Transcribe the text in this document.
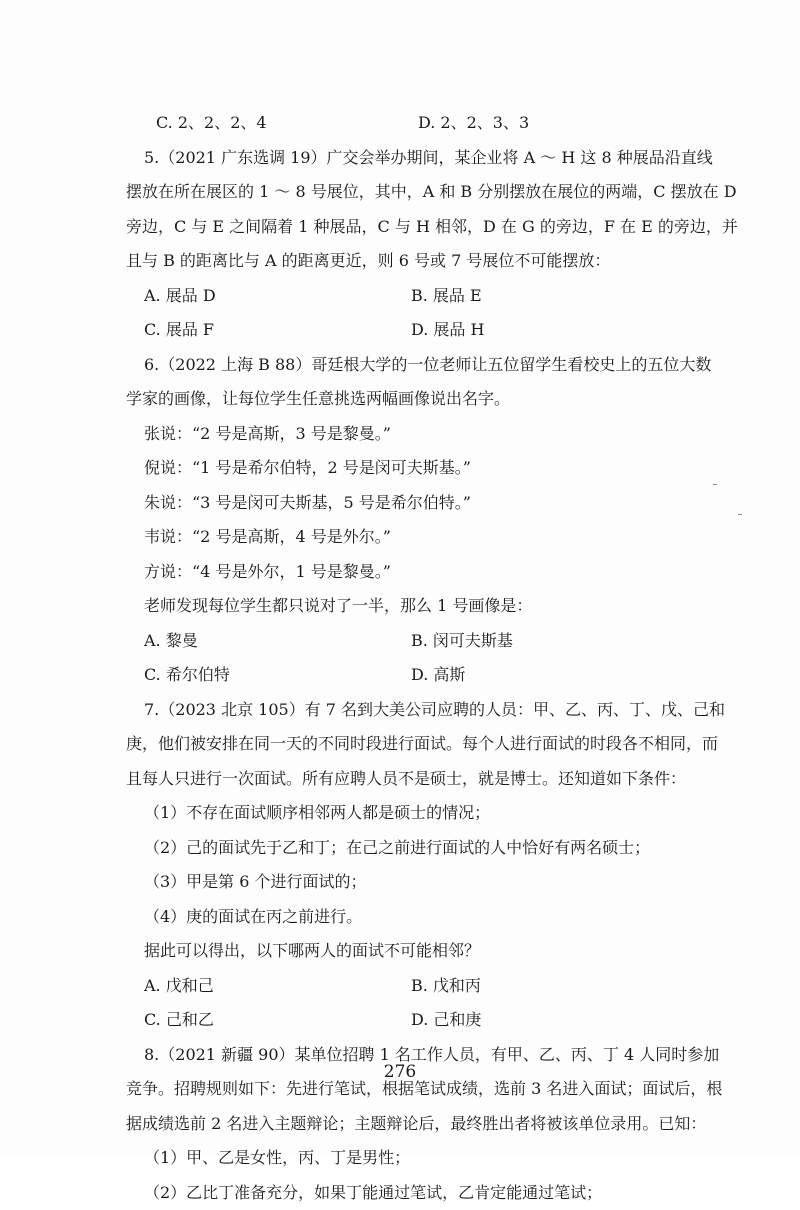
C. 2、2、2、4	D. 2、2、3、3
5.（2021 广东选调 19）广交会举办期间，某企业将 A ～ H 这 8 种展品沿直线
摆放在所在展区的 1 ～ 8 号展位，其中，A 和 B 分别摆放在展位的两端，C 摆放在 D
旁边，C 与 E 之间隔着 1 种展品，C 与 H 相邻，D 在 G 的旁边，F 在 E 的旁边，并
且与 B 的距离比与 A 的距离更近，则 6 号或 7 号展位不可能摆放：
A. 展品 D	B. 展品 E
C. 展品 F	D. 展品 H
6.（2022 上海 B 88）哥廷根大学的一位老师让五位留学生看校史上的五位大数
学家的画像，让每位学生任意挑选两幅画像说出名字。
张说：“2 号是高斯，3 号是黎曼。”
倪说：“1 号是希尔伯特，2 号是闵可夫斯基。”
朱说：“3 号是闵可夫斯基，5 号是希尔伯特。”
韦说：“2 号是高斯，4 号是外尔。”
方说：“4 号是外尔，1 号是黎曼。”
老师发现每位学生都只说对了一半，那么 1 号画像是：
A. 黎曼	B. 闵可夫斯基
C. 希尔伯特	D. 高斯
7.（2023 北京 105）有 7 名到大美公司应聘的人员：甲、乙、丙、丁、戊、己和
庚，他们被安排在同一天的不同时段进行面试。每个人进行面试的时段各不相同，而
且每人只进行一次面试。所有应聘人员不是硕士，就是博士。还知道如下条件：
（1）不存在面试顺序相邻两人都是硕士的情况；
（2）己的面试先于乙和丁；在己之前进行面试的人中恰好有两名硕士；
（3）甲是第 6 个进行面试的；
（4）庚的面试在丙之前进行。
据此可以得出，以下哪两人的面试不可能相邻？
A. 戊和己	B. 戊和丙
C. 己和乙	D. 己和庚
8.（2021 新疆 90）某单位招聘 1 名工作人员，有甲、乙、丙、丁 4 人同时参加
竞争。招聘规则如下：先进行笔试，根据笔试成绩，选前 3 名进入面试；面试后，根
据成绩选前 2 名进入主题辩论；主题辩论后，最终胜出者将被该单位录用。已知：
（1）甲、乙是女性，丙、丁是男性；
（2）乙比丁准备充分，如果丁能通过笔试，乙肯定能通过笔试；
276
